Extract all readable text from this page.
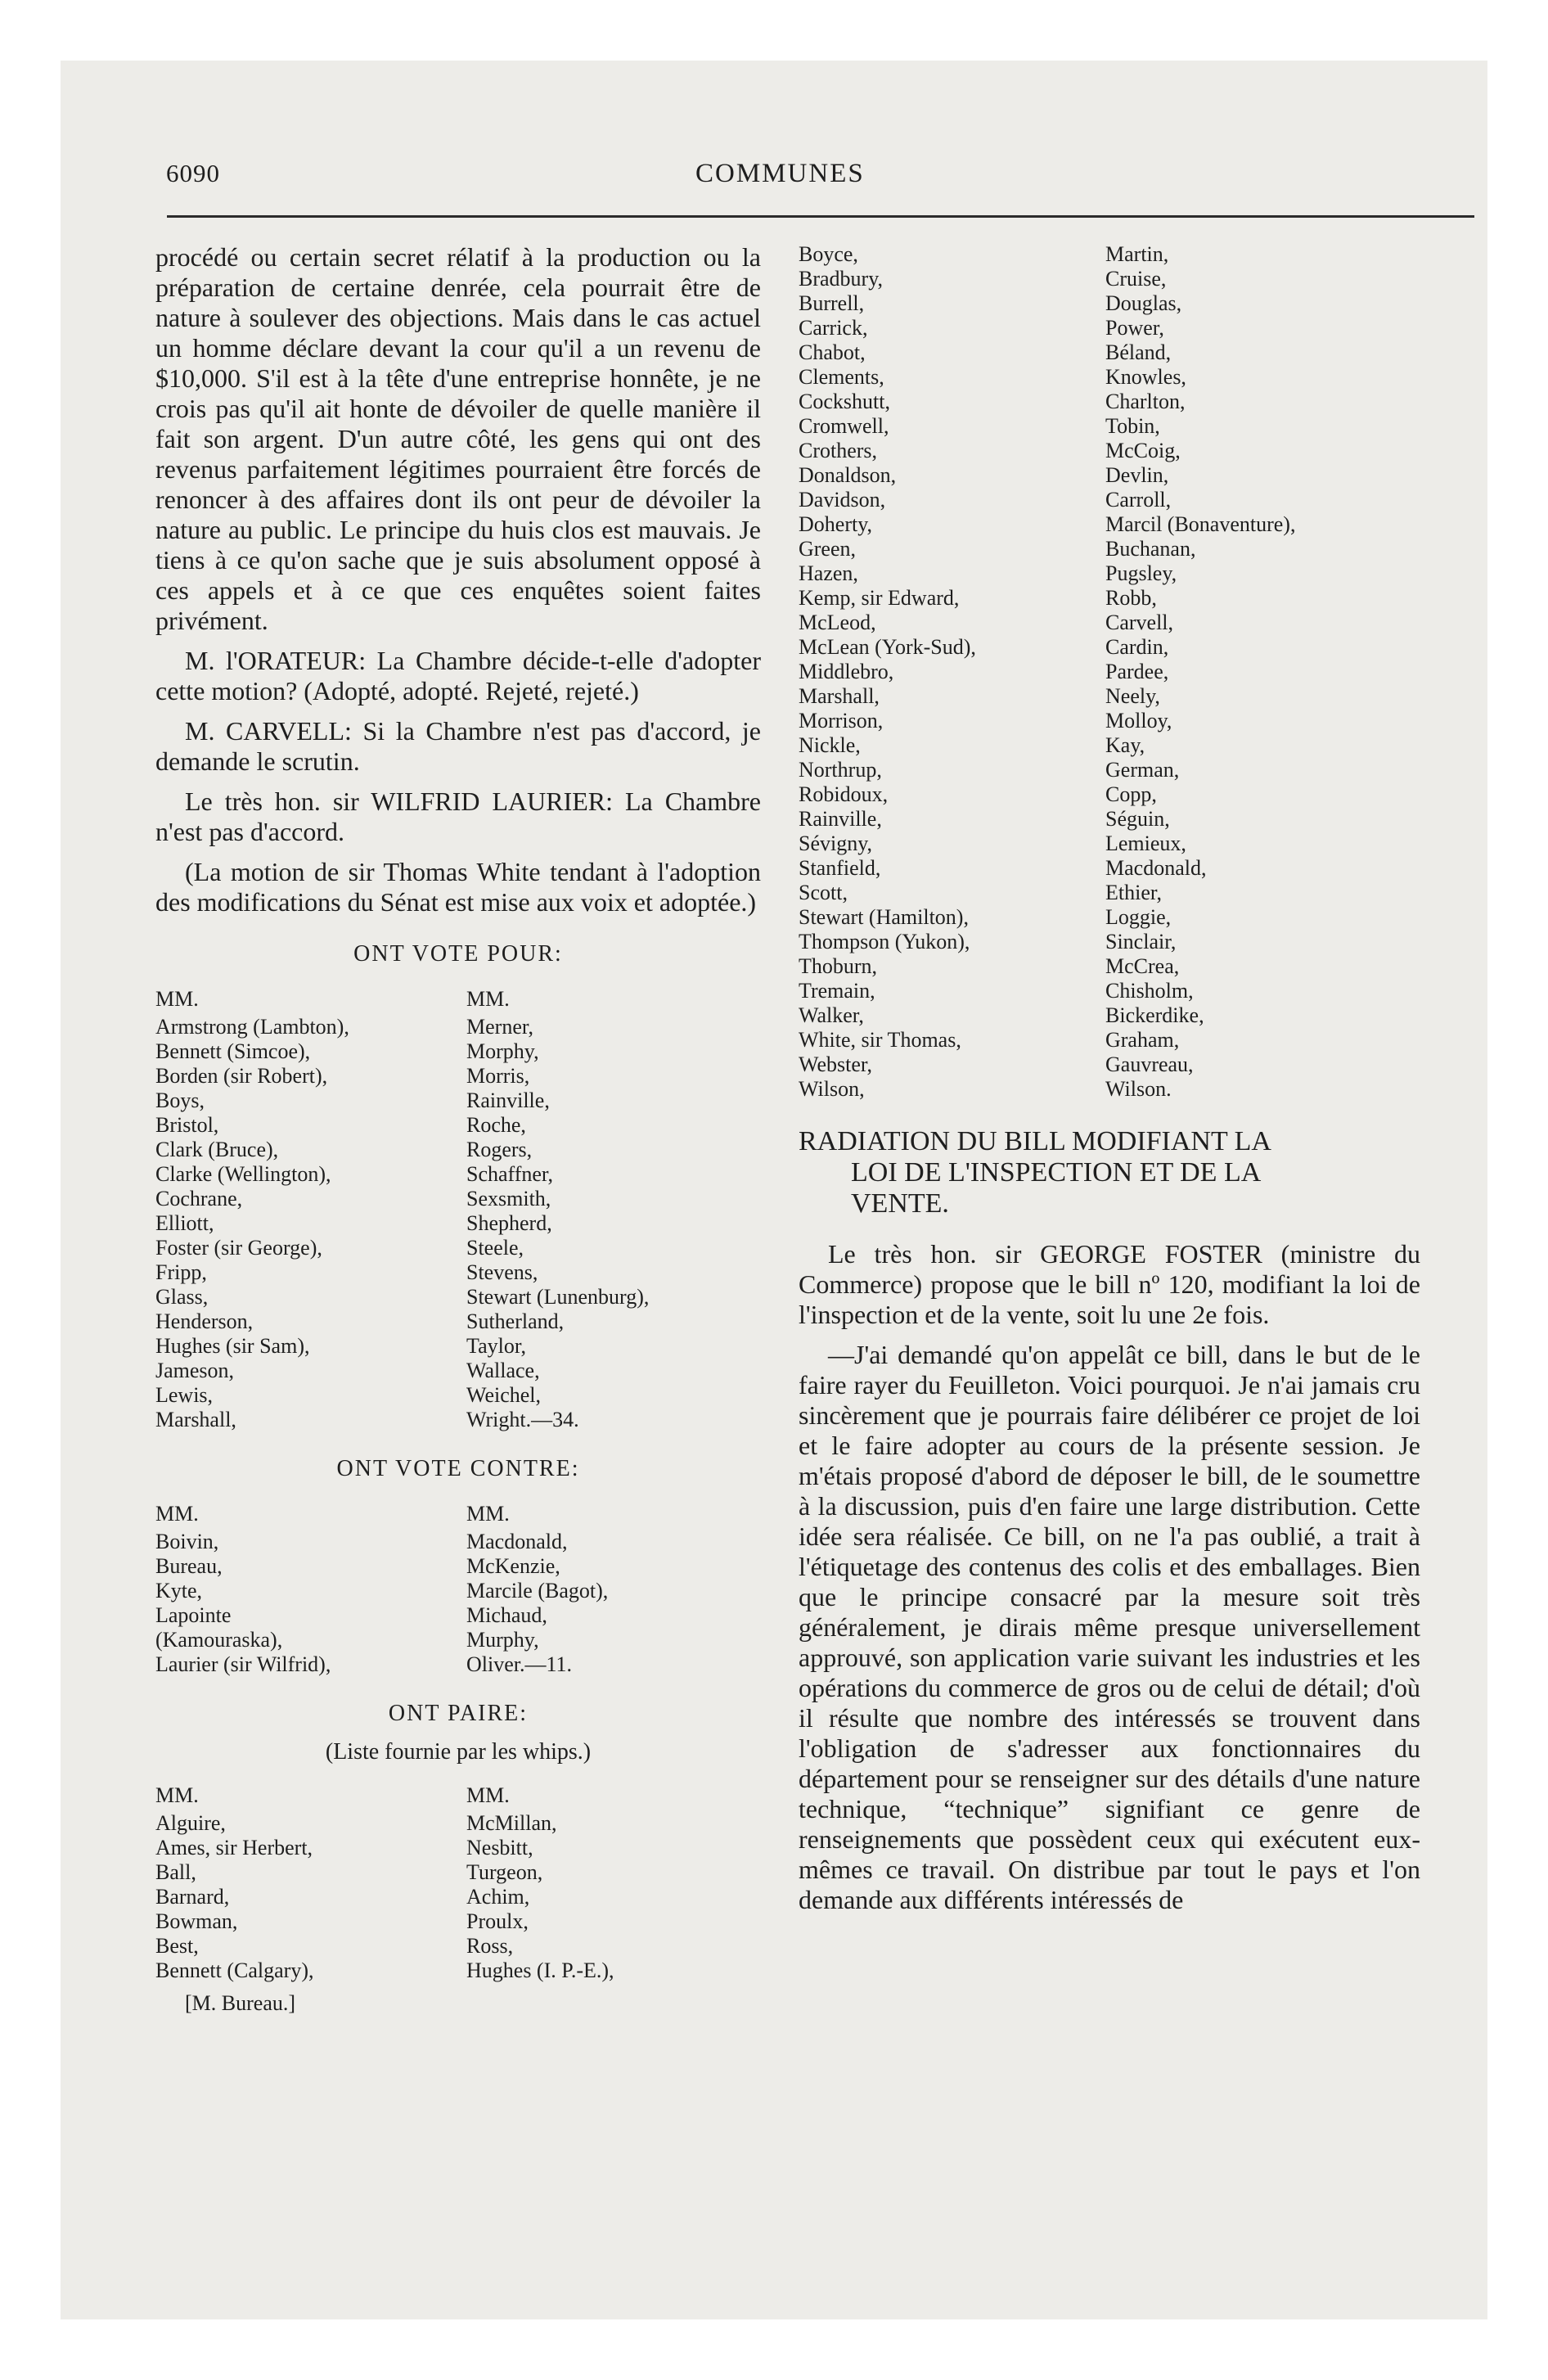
6090	COMMUNES

procédé ou certain secret rélatif à la production ou la préparation de certaine denrée, cela pourrait être de nature à soulever des objections. Mais dans le cas actuel un homme déclare devant la cour qu'il a un revenu de $10,000. S'il est à la tête d'une entreprise honnête, je ne crois pas qu'il ait honte de dévoiler de quelle manière il fait son argent. D'un autre côté, les gens qui ont des revenus parfaitement légitimes pourraient être forcés de renoncer à des affaires dont ils ont peur de dévoiler la nature au public. Le principe du huis clos est mauvais. Je tiens à ce qu'on sache que je suis absolument opposé à ces appels et à ce que ces enquêtes soient faites privément.

M. l'ORATEUR: La Chambre décide-t-elle d'adopter cette motion? (Adopté, adopté. Rejeté, rejeté.)

M. CARVELL: Si la Chambre n'est pas d'accord, je demande le scrutin.

Le très hon. sir WILFRID LAURIER: La Chambre n'est pas d'accord.

(La motion de sir Thomas White tendant à l'adoption des modifications du Sénat est mise aux voix et adoptée.)

ONT VOTE POUR:
MM.
Armstrong (Lambton),
Bennett (Simcoe),
Borden (sir Robert),
Boys,
Bristol,
Clark (Bruce),
Clarke (Wellington),
Cochrane,
Elliott,
Foster (sir George),
Fripp,
Glass,
Henderson,
Hughes (sir Sam),
Jameson,
Lewis,
Marshall,
MM.
Merner,
Morphy,
Morris,
Rainville,
Roche,
Rogers,
Schaffner,
Sexsmith,
Shepherd,
Steele,
Stevens,
Stewart (Lunenburg),
Sutherland,
Taylor,
Wallace,
Weichel,
Wright.—34.
ONT VOTE CONTRE:
MM.
Boivin,
Bureau,
Kyte,
Lapointe
(Kamouraska),
Laurier (sir Wilfrid),
MM.
Macdonald,
McKenzie,
Marcile (Bagot),
Michaud,
Murphy,
Oliver.—11.
ONT PAIRE:
(Liste fournie par les whips.)
MM.
Alguire,
Ames, sir Herbert,
Ball,
Barnard,
Bowman,
Best,
Bennett (Calgary),
MM.
McMillan,
Nesbitt,
Turgeon,
Achim,
Proulx,
Ross,
Hughes (I. P.-E.),
[M. Bureau.]
Boyce,
Bradbury,
Burrell,
Carrick,
Chabot,
Clements,
Cockshutt,
Cromwell,
Crothers,
Donaldson,
Davidson,
Doherty,
Green,
Hazen,
Kemp, sir Edward,
McLeod,
McLean (York-Sud),
Middlebro,
Marshall,
Morrison,
Nickle,
Northrup,
Robidoux,
Rainville,
Sévigny,
Stanfield,
Scott,
Stewart (Hamilton),
Thompson (Yukon),
Thoburn,
Tremain,
Walker,
White, sir Thomas,
Webster,
Wilson,
Martin,
Cruise,
Douglas,
Power,
Béland,
Knowles,
Charlton,
Tobin,
McCoig,
Devlin,
Carroll,
Marcil (Bonaventure),
Buchanan,
Pugsley,
Robb,
Carvell,
Cardin,
Pardee,
Neely,
Molloy,
Kay,
German,
Copp,
Séguin,
Lemieux,
Macdonald,
Ethier,
Loggie,
Sinclair,
McCrea,
Chisholm,
Bickerdike,
Graham,
Gauvreau,
Wilson.
RADIATION DU BILL MODIFIANT LA
LOI DE L'INSPECTION ET DE LA
VENTE.

Le très hon. sir GEORGE FOSTER (ministre du Commerce) propose que le bill nº 120, modifiant la loi de l'inspection et de la vente, soit lu une 2e fois.

—J'ai demandé qu'on appelât ce bill, dans le but de le faire rayer du Feuilleton. Voici pourquoi. Je n'ai jamais cru sincèrement que je pourrais faire délibérer ce projet de loi et le faire adopter au cours de la présente session. Je m'étais proposé d'abord de déposer le bill, de le soumettre à la discussion, puis d'en faire une large distribution. Cette idée sera réalisée. Ce bill, on ne l'a pas oublié, a trait à l'étiquetage des contenus des colis et des emballages. Bien que le principe consacré par la mesure soit très généralement, je dirais même presque universellement approuvé, son application varie suivant les industries et les opérations du commerce de gros ou de celui de détail; d'où il résulte que nombre des intéressés se trouvent dans l'obligation de s'adresser aux fonctionnaires du département pour se renseigner sur des détails d'une nature technique, “technique” signifiant ce genre de renseignements que possèdent ceux qui exécutent eux-mêmes ce travail. On distribue par tout le pays et l'on demande aux différents intéressés de
